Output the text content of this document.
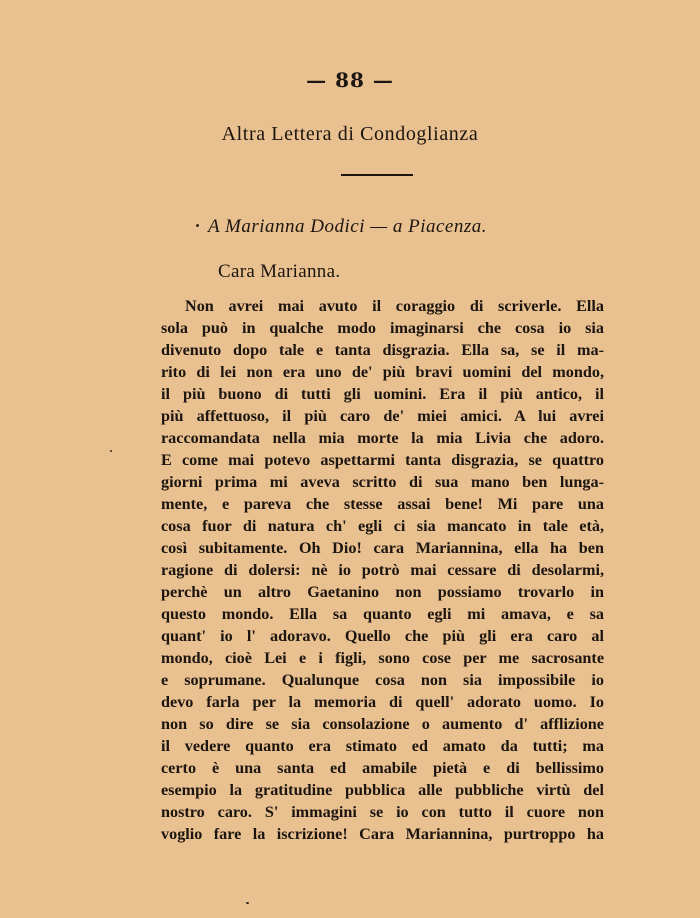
— 88 —
Altra Lettera di Condoglianza
A Marianna Dodici — a Piacenza.
Cara Marianna.
Non avrei mai avuto il coraggio di scriverle. Ella
sola può in qualche modo imaginarsi che cosa io sia
divenuto dopo tale e tanta disgrazia. Ella sa, se il ma-
rito di lei non era uno de' più bravi uomini del mondo,
il più buono di tutti gli uomini. Era il più antico, il
più affettuoso, il più caro de' miei amici. A lui avrei
raccomandata nella mia morte la mia Livia che adoro.
E come mai potevo aspettarmi tanta disgrazia, se quattro
giorni prima mi aveva scritto di sua mano ben lunga-
mente, e pareva che stesse assai bene! Mi pare una
cosa fuor di natura ch' egli ci sia mancato in tale età,
così subitamente. Oh Dio! cara Mariannina, ella ha ben
ragione di dolersi: nè io potrò mai cessare di desolarmi,
perchè un altro Gaetanino non possiamo trovarlo in
questo mondo. Ella sa quanto egli mi amava, e sa
quant' io l' adoravo. Quello che più gli era caro al
mondo, cioè Lei e i figli, sono cose per me sacrosante
e soprumane. Qualunque cosa non sia impossibile io
devo farla per la memoria di quell' adorato uomo. Io
non so dire se sia consolazione o aumento d' afflizione
il vedere quanto era stimato ed amato da tutti; ma
certo è una santa ed amabile pietà e di bellissimo
esempio la gratitudine pubblica alle pubbliche virtù del
nostro caro. S' immagini se io con tutto il cuore non
voglio fare la iscrizione! Cara Mariannina, purtroppo ha
